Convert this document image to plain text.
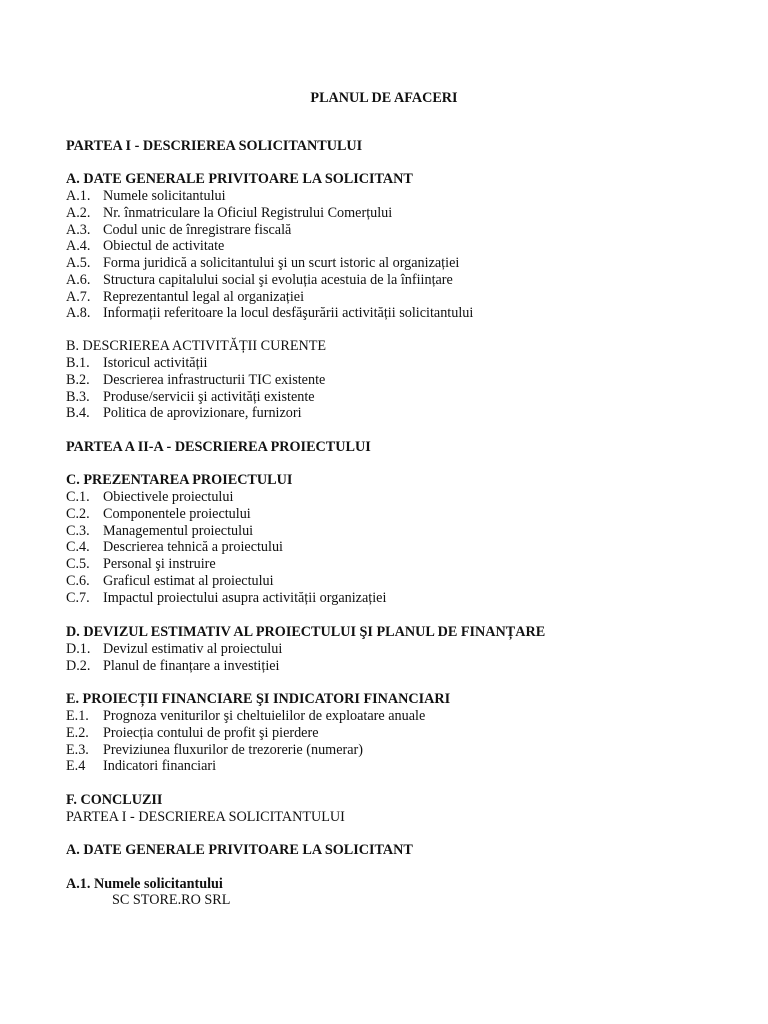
PLANUL DE AFACERI
PARTEA I - DESCRIEREA SOLICITANTULUI
A. DATE GENERALE PRIVITOARE LA SOLICITANT
A.1. Numele solicitantului
A.2. Nr. înmatriculare la Oficiul Registrului Comerțului
A.3. Codul unic de înregistrare fiscală
A.4. Obiectul de activitate
A.5. Forma juridică a solicitantului şi un scurt istoric al organizației
A.6. Structura capitalului social şi evoluția acestuia de la înființare
A.7. Reprezentantul legal al organizației
A.8. Informații referitoare la locul desfăşurării activității solicitantului
B. DESCRIEREA ACTIVITĂȚII CURENTE
B.1. Istoricul activității
B.2. Descrierea infrastructurii TIC existente
B.3. Produse/servicii şi activități existente
B.4. Politica de aprovizionare, furnizori
PARTEA A II-A - DESCRIEREA PROIECTULUI
C. PREZENTAREA PROIECTULUI
C.1. Obiectivele proiectului
C.2. Componentele proiectului
C.3. Managementul proiectului
C.4. Descrierea tehnică a proiectului
C.5. Personal şi instruire
C.6. Graficul estimat al proiectului
C.7. Impactul proiectului asupra activității organizației
D. DEVIZUL ESTIMATIV AL PROIECTULUI ŞI PLANUL DE FINANȚARE
D.1. Devizul estimativ al proiectului
D.2. Planul de finanțare a investiției
E. PROIECȚII FINANCIARE ŞI INDICATORI FINANCIARI
E.1. Prognoza veniturilor şi cheltuielilor de exploatare anuale
E.2. Proiecția contului de profit şi pierdere
E.3. Previziunea fluxurilor de trezorerie (numerar)
E.4 Indicatori financiari
F. CONCLUZII
PARTEA I - DESCRIEREA SOLICITANTULUI
A. DATE GENERALE PRIVITOARE LA SOLICITANT
A.1. Numele solicitantului
SC STORE.RO SRL
